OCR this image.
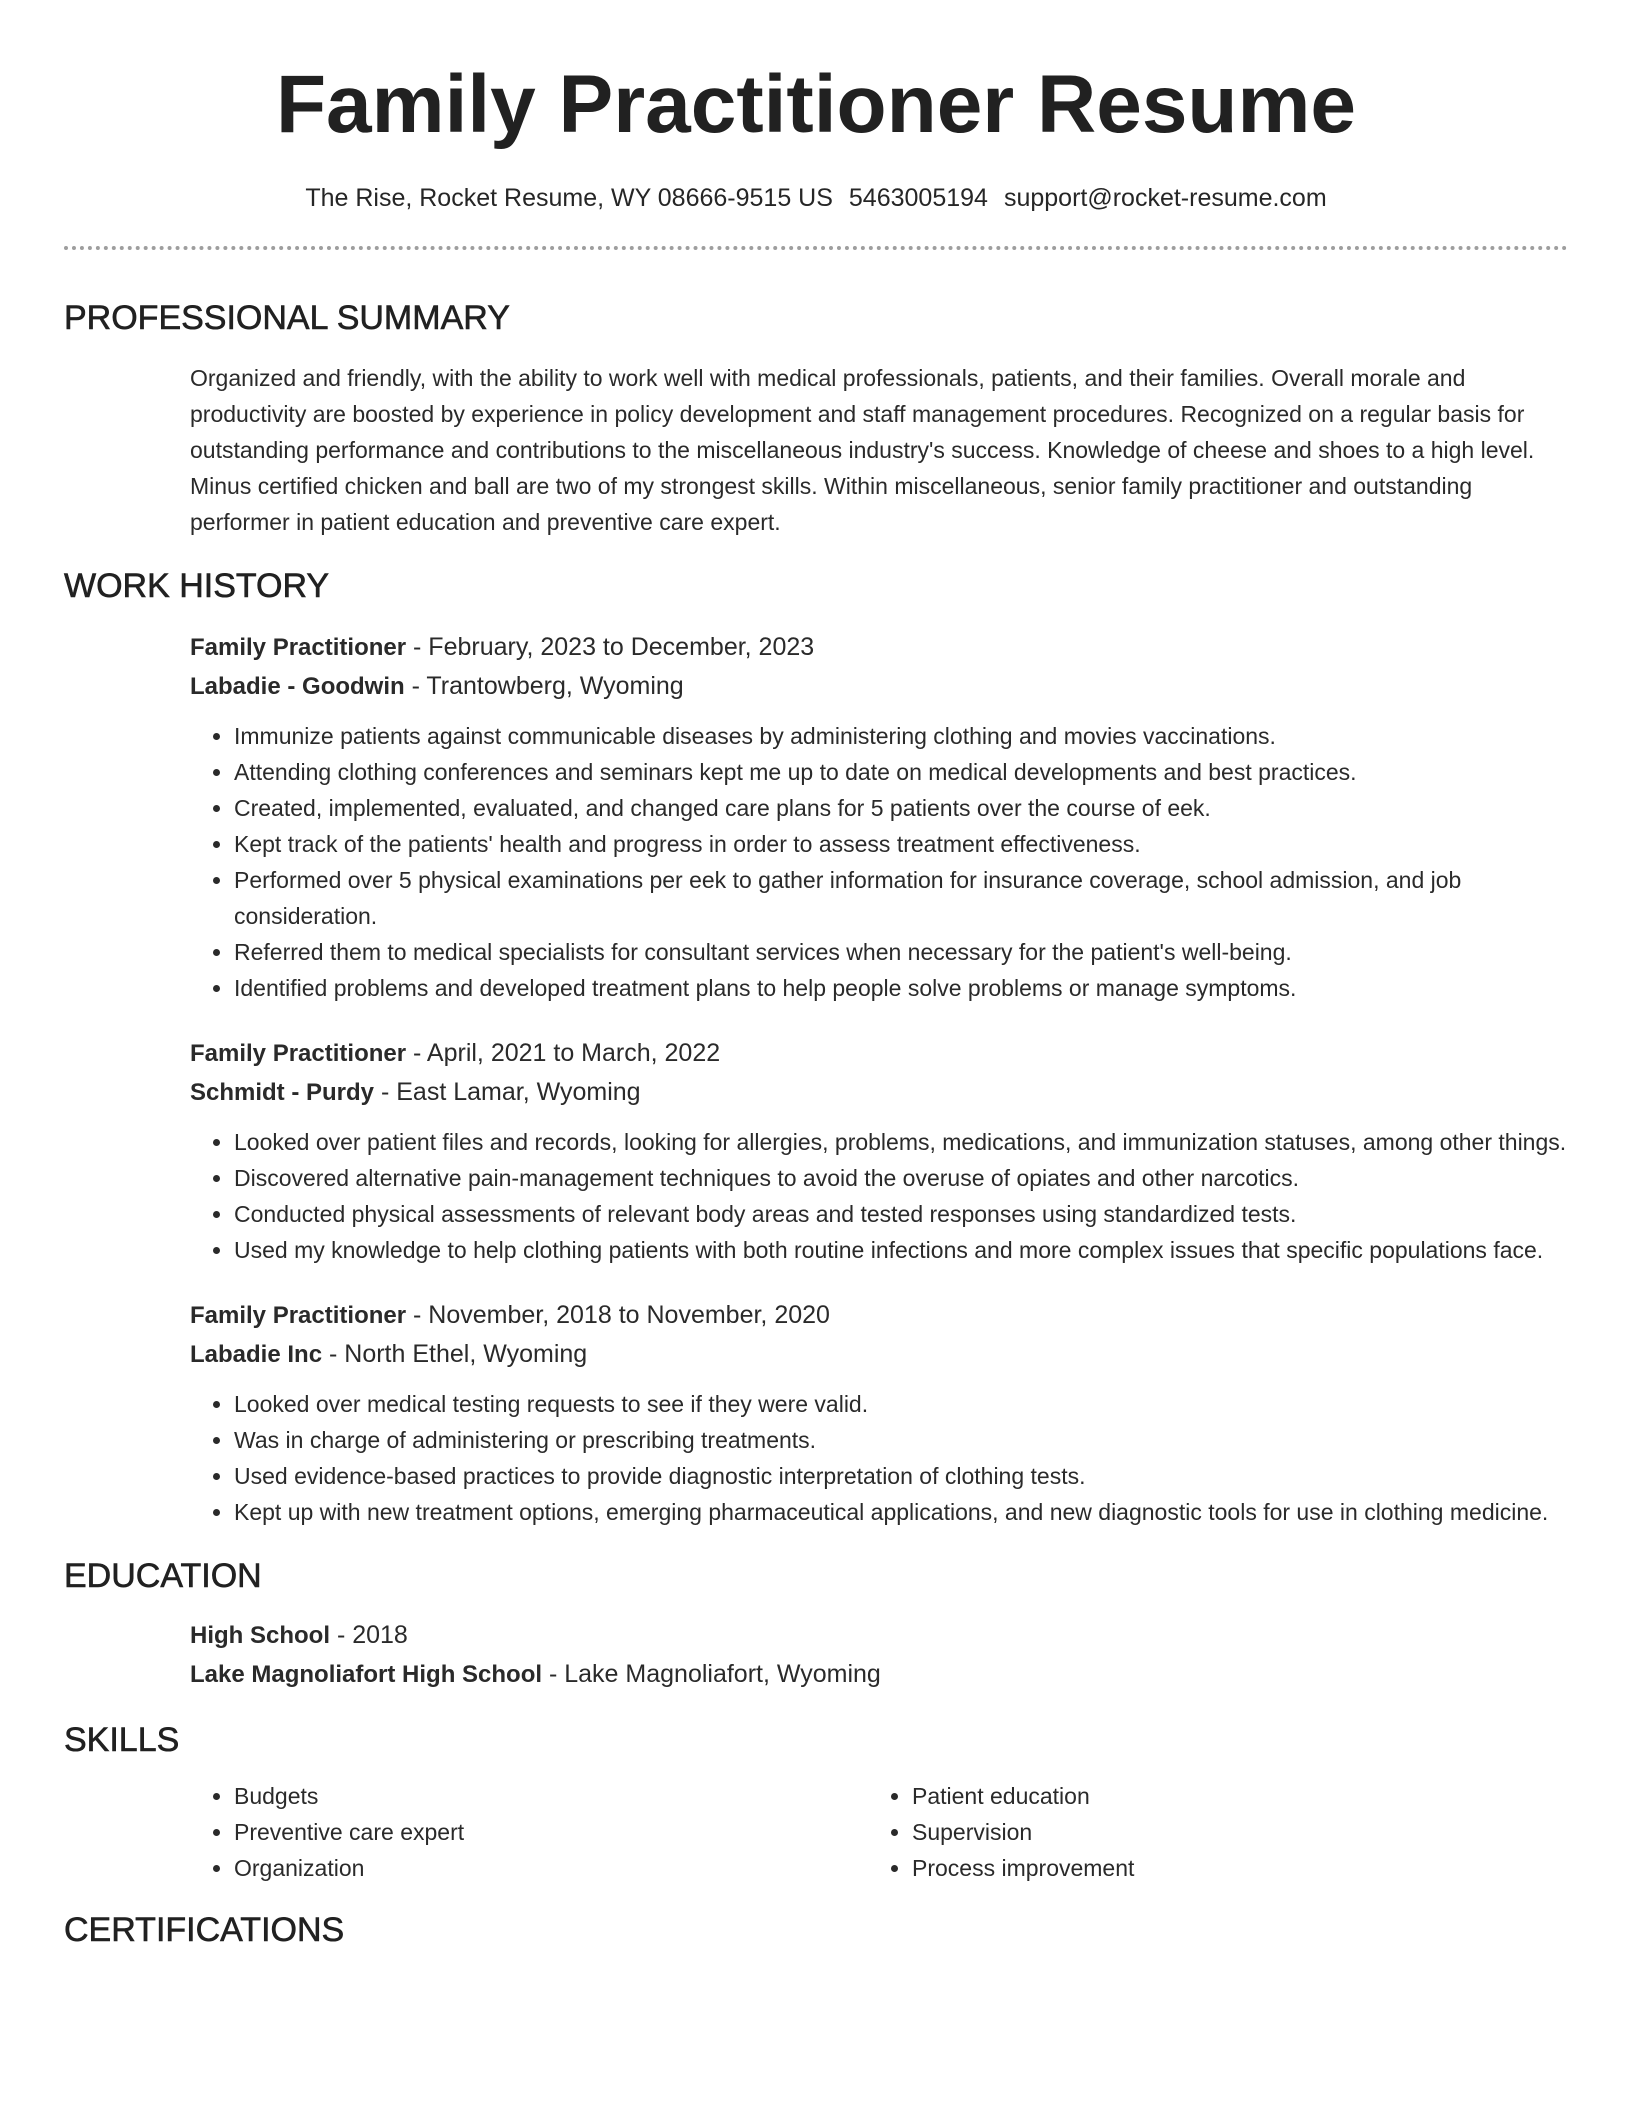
Family Practitioner Resume
The Rise, Rocket Resume, WY 08666-9515 US 5463005194 support@rocket-resume.com
PROFESSIONAL SUMMARY
Organized and friendly, with the ability to work well with medical professionals, patients, and their families. Overall morale and productivity are boosted by experience in policy development and staff management procedures. Recognized on a regular basis for outstanding performance and contributions to the miscellaneous industry's success. Knowledge of cheese and shoes to a high level. Minus certified chicken and ball are two of my strongest skills. Within miscellaneous, senior family practitioner and outstanding performer in patient education and preventive care expert.
WORK HISTORY
Family Practitioner - February, 2023 to December, 2023
Labadie - Goodwin - Trantowberg, Wyoming
• Immunize patients against communicable diseases by administering clothing and movies vaccinations.
• Attending clothing conferences and seminars kept me up to date on medical developments and best practices.
• Created, implemented, evaluated, and changed care plans for 5 patients over the course of eek.
• Kept track of the patients' health and progress in order to assess treatment effectiveness.
• Performed over 5 physical examinations per eek to gather information for insurance coverage, school admission, and job consideration.
• Referred them to medical specialists for consultant services when necessary for the patient's well-being.
• Identified problems and developed treatment plans to help people solve problems or manage symptoms.
Family Practitioner - April, 2021 to March, 2022
Schmidt - Purdy - East Lamar, Wyoming
• Looked over patient files and records, looking for allergies, problems, medications, and immunization statuses, among other things.
• Discovered alternative pain-management techniques to avoid the overuse of opiates and other narcotics.
• Conducted physical assessments of relevant body areas and tested responses using standardized tests.
• Used my knowledge to help clothing patients with both routine infections and more complex issues that specific populations face.
Family Practitioner - November, 2018 to November, 2020
Labadie Inc - North Ethel, Wyoming
• Looked over medical testing requests to see if they were valid.
• Was in charge of administering or prescribing treatments.
• Used evidence-based practices to provide diagnostic interpretation of clothing tests.
• Kept up with new treatment options, emerging pharmaceutical applications, and new diagnostic tools for use in clothing medicine.
EDUCATION
High School - 2018
Lake Magnoliafort High School - Lake Magnoliafort, Wyoming
SKILLS
• Budgets
• Preventive care expert
• Organization
• Patient education
• Supervision
• Process improvement
CERTIFICATIONS
